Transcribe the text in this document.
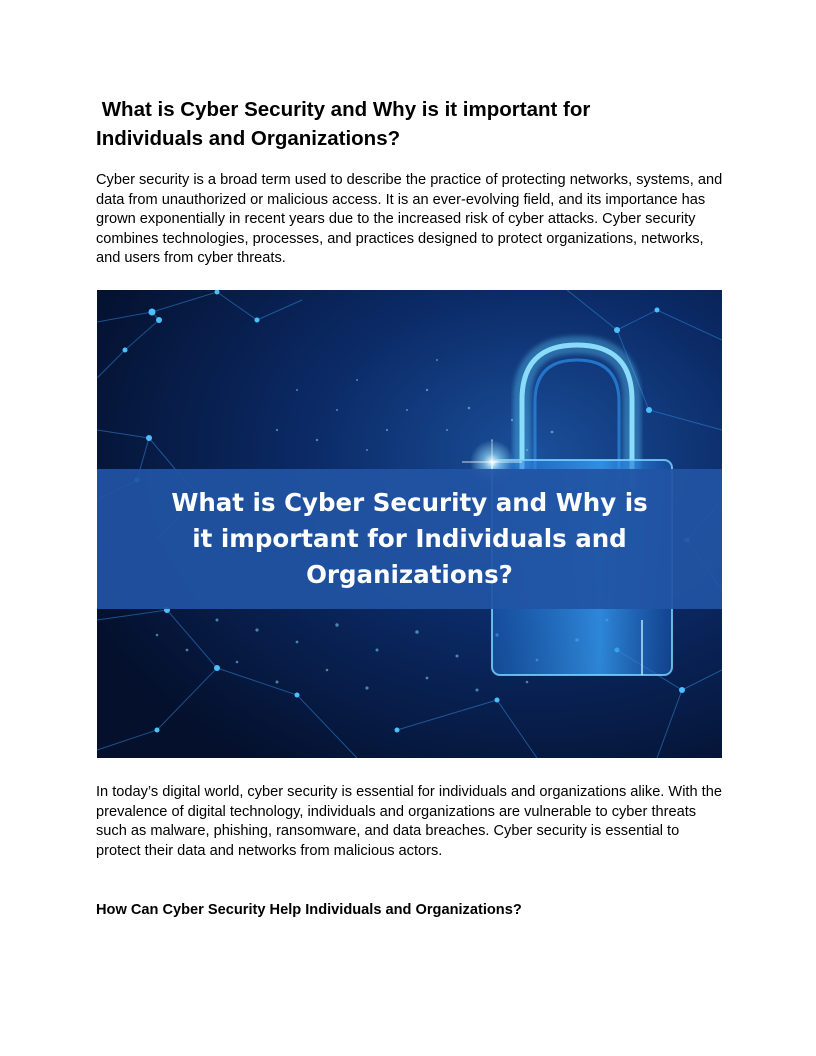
What is Cyber Security and Why is it important for Individuals and Organizations?

Cyber security is a broad term used to describe the practice of protecting networks, systems, and data from unauthorized or malicious access. It is an ever-evolving field, and its importance has grown exponentially in recent years due to the increased risk of cyber attacks. Cyber security combines technologies, processes, and practices designed to protect organizations, networks, and users from cyber threats.

What is Cyber Security and Why is it important for Individuals and Organizations?

In today’s digital world, cyber security is essential for individuals and organizations alike. With the prevalence of digital technology, individuals and organizations are vulnerable to cyber threats such as malware, phishing, ransomware, and data breaches. Cyber security is essential to protect their data and networks from malicious actors.

How Can Cyber Security Help Individuals and Organizations?
